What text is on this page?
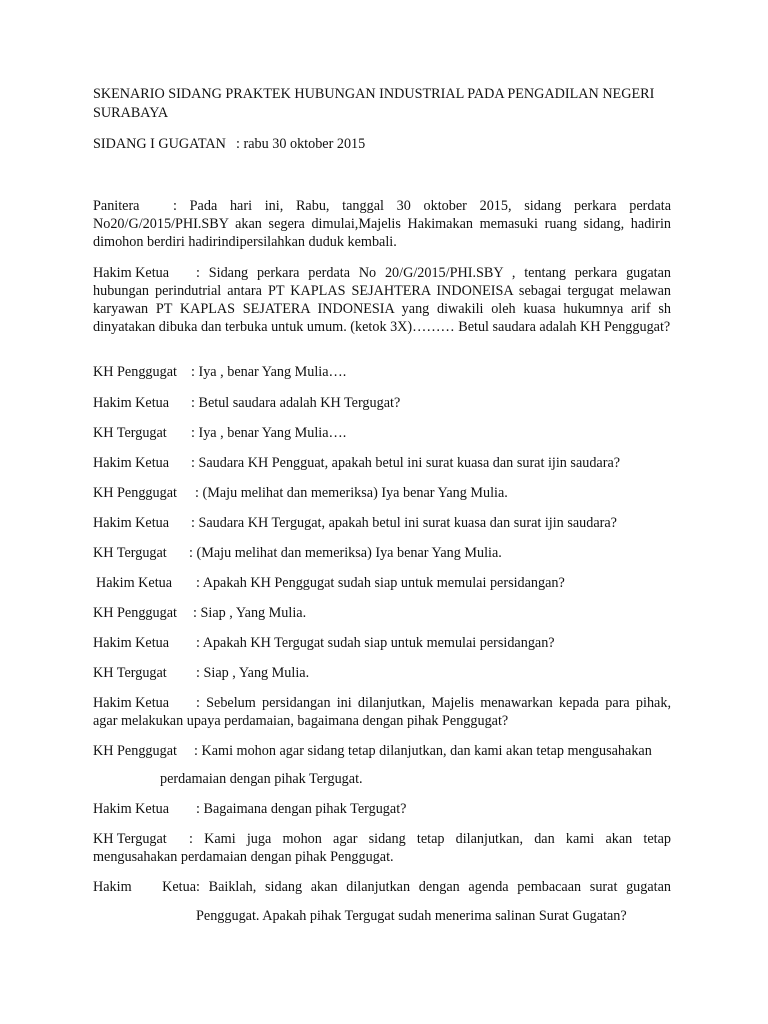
SKENARIO SIDANG PRAKTEK HUBUNGAN INDUSTRIAL PADA PENGADILAN NEGERI
SURABAYA
SIDANG I GUGATAN : rabu 30 oktober 2015
Panitera : Pada hari ini, Rabu, tanggal 30 oktober 2015, sidang perkara perdata No20/G/2015/PHI.SBY akan segera dimulai,Majelis Hakimakan memasuki ruang sidang, hadirin dimohon berdiri hadirindipersilahkan duduk kembali.
Hakim Ketua : Sidang perkara perdata No 20/G/2015/PHI.SBY , tentang perkara gugatan hubungan perindutrial antara PT KAPLAS SEJAHTERA INDONEISA sebagai tergugat melawan karyawan PT KAPLAS SEJATERA INDONESIA yang diwakili oleh kuasa hukumnya arif sh dinyatakan dibuka dan terbuka untuk umum. (ketok 3X)……… Betul saudara adalah KH Penggugat?
KH Penggugat : Iya , benar Yang Mulia….
Hakim Ketua : Betul saudara adalah KH Tergugat?
KH Tergugat : Iya , benar Yang Mulia….
Hakim Ketua : Saudara KH Pengguat, apakah betul ini surat kuasa dan surat ijin saudara?
KH Penggugat : (Maju melihat dan memeriksa) Iya benar Yang Mulia.
Hakim Ketua : Saudara KH Tergugat, apakah betul ini surat kuasa dan surat ijin saudara?
KH Tergugat : (Maju melihat dan memeriksa) Iya benar Yang Mulia.
Hakim Ketua : Apakah KH Penggugat sudah siap untuk memulai persidangan?
KH Penggugat : Siap , Yang Mulia.
Hakim Ketua : Apakah KH Tergugat sudah siap untuk memulai persidangan?
KH Tergugat : Siap , Yang Mulia.
Hakim Ketua : Sebelum persidangan ini dilanjutkan, Majelis menawarkan kepada para pihak, agar melakukan upaya perdamaian, bagaimana dengan pihak Penggugat?
KH Penggugat : Kami mohon agar sidang tetap dilanjutkan, dan kami akan tetap mengusahakan
perdamaian dengan pihak Tergugat.
Hakim Ketua : Bagaimana dengan pihak Tergugat?
KH Tergugat : Kami juga mohon agar sidang tetap dilanjutkan, dan kami akan tetap mengusahakan perdamaian dengan pihak Penggugat.
Hakim Ketua: Baiklah, sidang akan dilanjutkan dengan agenda pembacaan surat gugatan
Penggugat. Apakah pihak Tergugat sudah menerima salinan Surat Gugatan?
